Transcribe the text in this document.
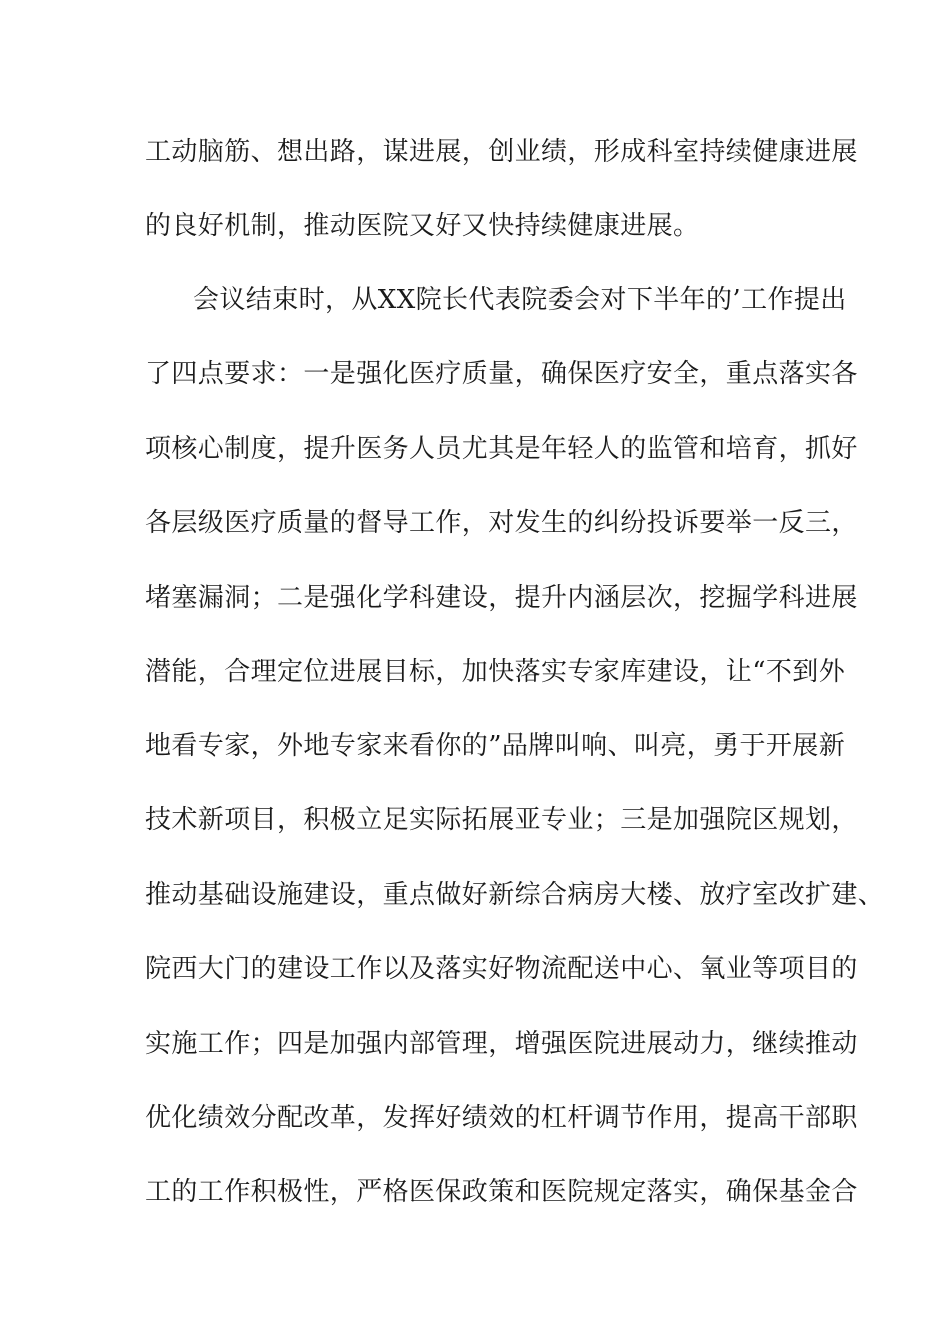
工动脑筋、想出路，谋进展，创业绩，形成科室持续健康进展
的良好机制，推动医院又好又快持续健康进展。
会议结束时，从XX院长代表院委会对下半年的’工作提出
了四点要求：一是强化医疗质量，确保医疗安全，重点落实各
项核心制度，提升医务人员尤其是年轻人的监管和培育，抓好
各层级医疗质量的督导工作，对发生的纠纷投诉要举一反三，
堵塞漏洞；二是强化学科建设，提升内涵层次，挖掘学科进展
潜能，合理定位进展目标，加快落实专家库建设，让“不到外
地看专家，外地专家来看你的”品牌叫响、叫亮，勇于开展新
技术新项目，积极立足实际拓展亚专业；三是加强院区规划，
推动基础设施建设，重点做好新综合病房大楼、放疗室改扩建、
院西大门的建设工作以及落实好物流配送中心、氧业等项目的
实施工作；四是加强内部管理，增强医院进展动力，继续推动
优化绩效分配改革，发挥好绩效的杠杆调节作用，提高干部职
工的工作积极性，严格医保政策和医院规定落实，确保基金合
